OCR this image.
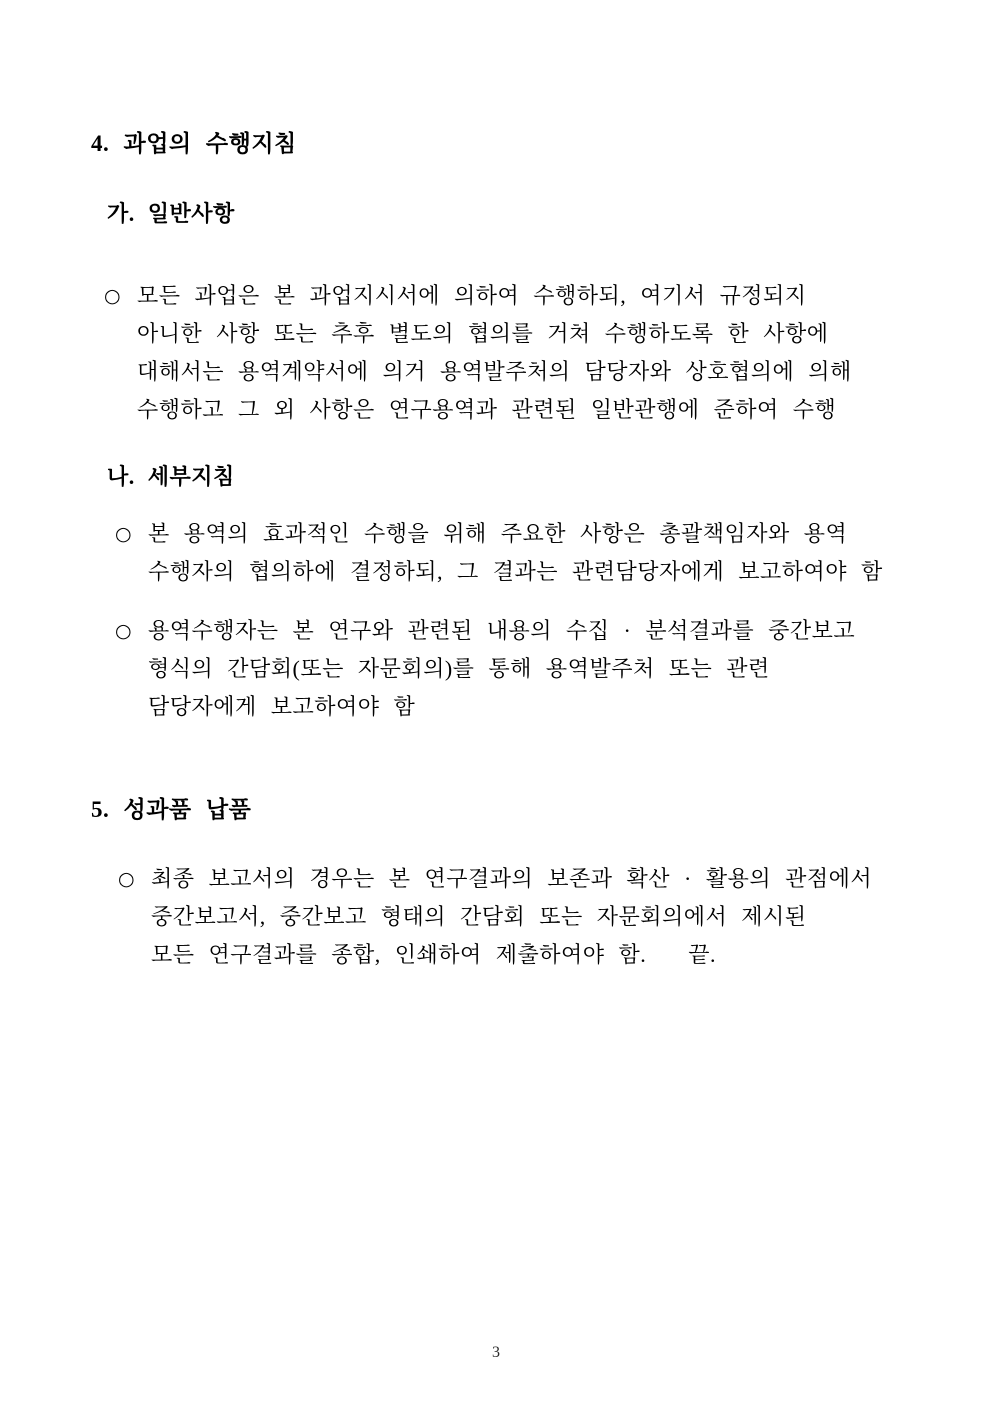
4. 과업의 수행지침
가. 일반사항
○ 모든 과업은 본 과업지시서에 의하여 수행하되, 여기서 규정되지
아니한 사항 또는 추후 별도의 협의를 거쳐 수행하도록 한 사항에
대해서는 용역계약서에 의거 용역발주처의 담당자와 상호협의에 의해
수행하고 그 외 사항은 연구용역과 관련된 일반관행에 준하여 수행
나. 세부지침
○ 본 용역의 효과적인 수행을 위해 주요한 사항은 총괄책임자와 용역
수행자의 협의하에 결정하되, 그 결과는 관련담당자에게 보고하여야 함
○ 용역수행자는 본 연구와 관련된 내용의 수집 · 분석결과를 중간보고
형식의 간담회(또는 자문회의)를 통해 용역발주처 또는 관련
담당자에게 보고하여야 함
5. 성과품 납품
○ 최종 보고서의 경우는 본 연구결과의 보존과 확산 · 활용의 관점에서
중간보고서, 중간보고 형태의 간담회 또는 자문회의에서 제시된
모든 연구결과를 종합, 인쇄하여 제출하여야 함.   끝.
3
